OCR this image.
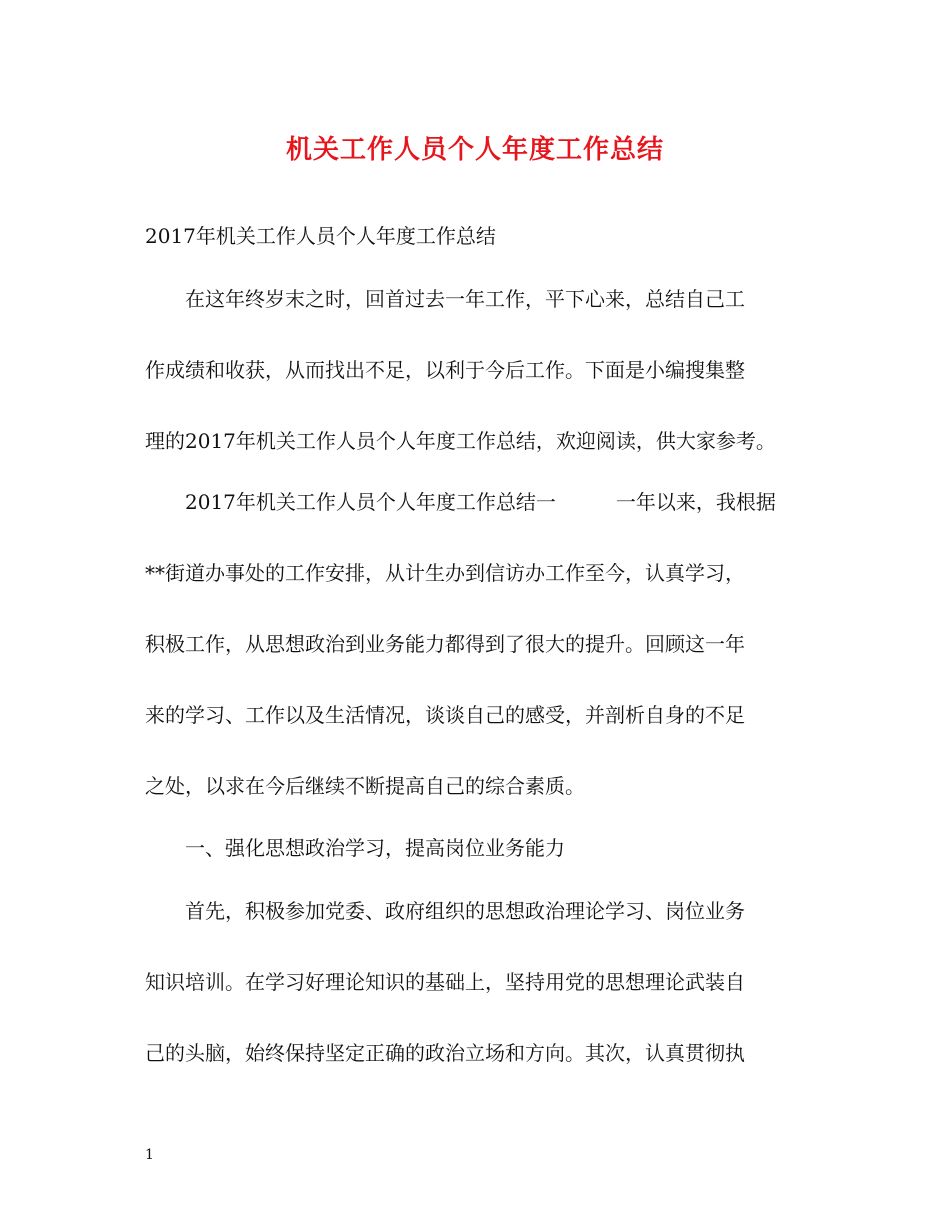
机关工作人员个人年度工作总结

2017年机关工作人员个人年度工作总结

　　在这年终岁末之时，回首过去一年工作，平下心来，总结自己工

作成绩和收获，从而找出不足，以利于今后工作。下面是小编搜集整

理的2017年机关工作人员个人年度工作总结，欢迎阅读，供大家参考。

　　2017年机关工作人员个人年度工作总结一　　　一年以来，我根据

**街道办事处的工作安排，从计生办到信访办工作至今，认真学习，

积极工作，从思想政治到业务能力都得到了很大的提升。回顾这一年

来的学习、工作以及生活情况，谈谈自己的感受，并剖析自身的不足

之处，以求在今后继续不断提高自己的综合素质。

　　一、强化思想政治学习，提高岗位业务能力

　　首先，积极参加党委、政府组织的思想政治理论学习、岗位业务

知识培训。在学习好理论知识的基础上，坚持用党的思想理论武装自

己的头脑，始终保持坚定正确的政治立场和方向。其次，认真贯彻执

1
